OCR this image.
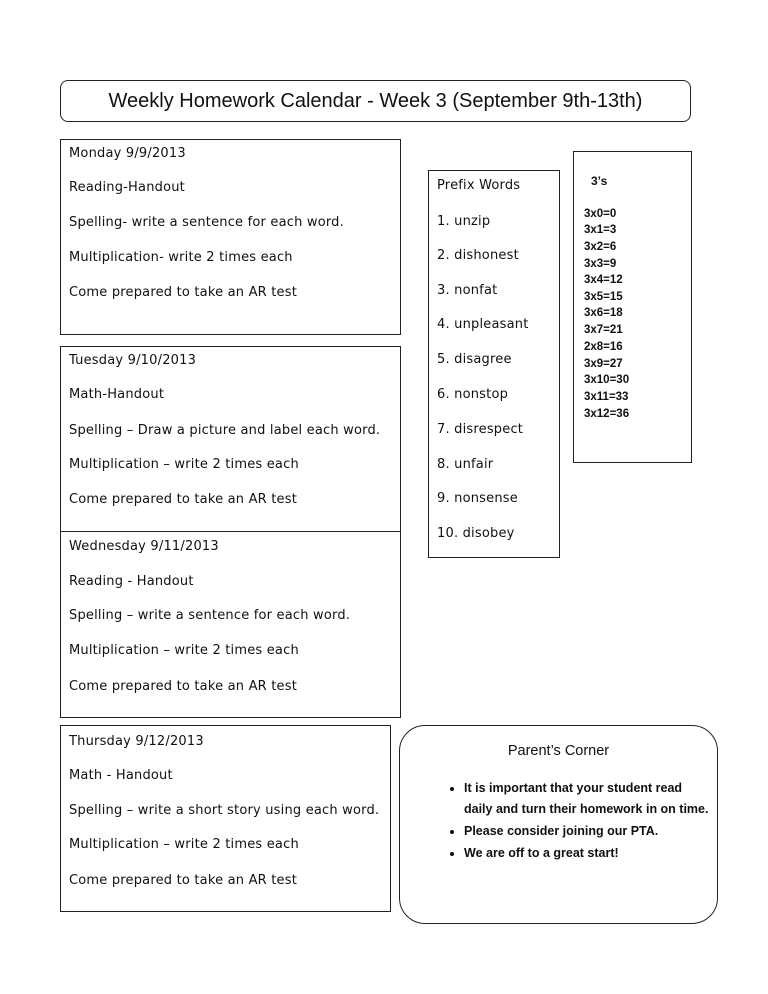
Weekly Homework Calendar - Week 3 (September 9th-13th)
Monday 9/9/2013
Reading-Handout
Spelling- write a sentence for each word.
Multiplication- write 2 times each
Come prepared to take an AR test
Tuesday 9/10/2013
Math-Handout
Spelling – Draw a picture and label each word.
Multiplication – write 2 times each
Come prepared to take an AR test
Wednesday 9/11/2013
Reading - Handout
Spelling – write a sentence for each word.
Multiplication – write 2 times each
Come prepared to take an AR test
Thursday 9/12/2013
Math - Handout
Spelling – write a short story using each word.
Multiplication – write 2 times each
Come prepared to take an AR test
Prefix Words
1. unzip
2. dishonest
3. nonfat
4. unpleasant
5. disagree
6. nonstop
7. disrespect
8. unfair
9. nonsense
10. disobey
3’s
3x0=0
3x1=3
3x2=6
3x3=9
3x4=12
3x5=15
3x6=18
3x7=21
2x8=16
3x9=27
3x10=30
3x11=33
3x12=36
Parent’s Corner
• It is important that your student read daily and turn their homework in on time.
• Please consider joining our PTA.
• We are off to a great start!
